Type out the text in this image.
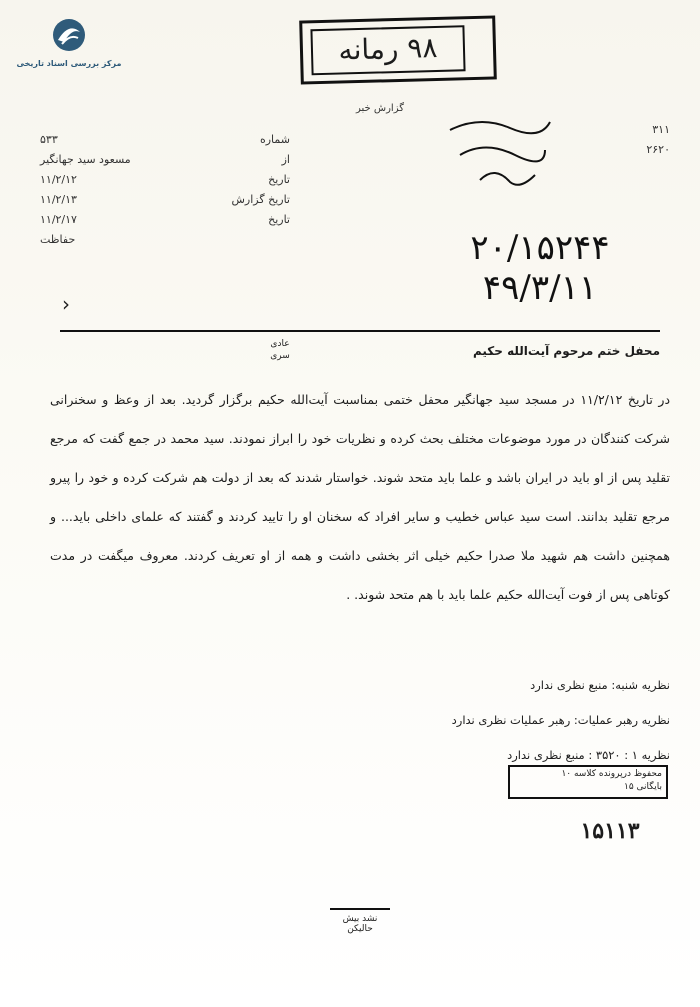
مرکز بررسی اسناد تاریخی	۹۸ رمانه
گزارش خبر
شماره
۵۳۳
از
مسعود سید جهانگیر
تاریخ
۱۱/۲/۱۲
تاریخ گزارش
۱۱/۲/۱۳
تاریخ
۱۱/۲/۱۷
حفاظت
۳۱۱
۲۶۲۰
۲۰/۱۵۲۴۴
۴۹/۳/۱۱
›
محفل ختم مرحوم آیت‌الله حکیم
عادی سری
در تاریخ ۱۱/۲/۱۲ در مسجد سید جهانگیر محفل ختمی بمناسبت آیت‌الله حکیم برگزار گردید. بعد از وعظ و سخنرانی شرکت کنندگان در مورد موضوعات مختلف بحث کرده و نظریات خود را ابراز نمودند. سید محمد در جمع گفت که مرجع تقلید پس از او باید در ایران باشد و علما باید متحد شوند. خواستار شدند که بعد از دولت هم شرکت کرده و خود را پیرو مرجع تقلید بدانند. است سید عباس خطیب و سایر افراد که سخنان او را تایید کردند و گفتند که علمای داخلی باید... و همچنین داشت هم شهید ملا صدرا حکیم خیلی اثر بخشی داشت و همه از او تعریف کردند. معروف میگفت در مدت کوتاهی پس از فوت آیت‌الله حکیم علما باید با هم متحد شوند. .
نظریه شنبه: منبع نظری ندارد
نظریه رهبر عملیات: رهبر عملیات نظری ندارد
نظریه ۱ : ۳۵۲۰ : منبع نظری ندارد
محفوظ درپرونده کلاسه ۱۰
بایگانی ۱۵
۱۵۱۱۳
نشد بیش حالیکن
